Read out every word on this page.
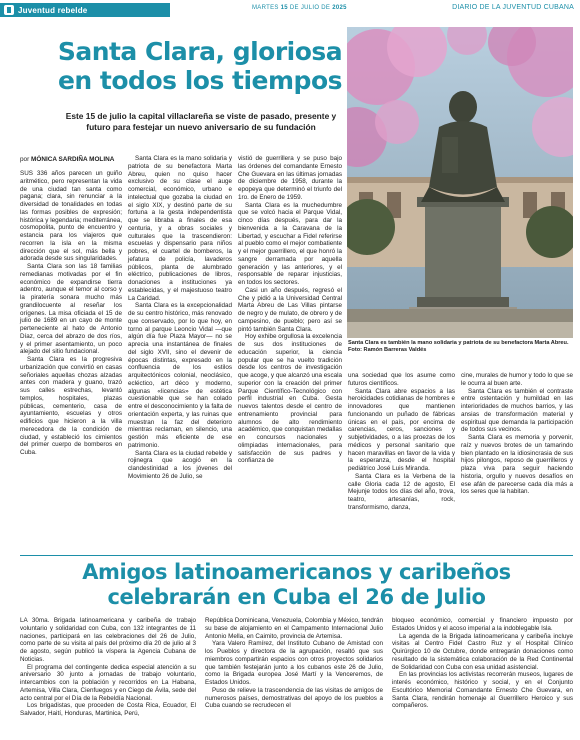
Juventud rebelde	MARTES 15 DE JULIO DE 2025	DIARIO DE LA JUVENTUD CUBANA
Santa Clara, gloriosa en todos los tiempos
Este 15 de julio la capital villaclareña se viste de pasado, presente y futuro para festejar un nuevo aniversario de su fundación
por MÓNICA SARDIÑA MOLINA

SUS 336 años parecen un guiño aritmético, pero representan la vida de una ciudad tan santa como pagana; clara, sin renunciar a la diversidad de tonalidades en todas las formas posibles de expresión; histórica y legendaria; mediterránea, cosmopolita, punto de encuentro y estancia para los viajeros que recorren la isla en la misma dirección que el sol, más bella y adorada desde sus singularidades.

Santa Clara son las 18 familias remedianas motivadas por el fin económico de expandirse tierra adentro, aunque el temor al corso y la piratería sonara mucho más grandilocuente al reseñar los orígenes. La misa oficiada el 15 de julio de 1689 en un cayo de monte perteneciente al hato de Antonio Díaz, cerca del abrazo de dos ríos, y el primer asentamiento, un poco alejado del sitio fundacional.

Santa Clara es la progresiva urbanización que convirtió en casas señoriales aquellas chozas alzadas antes con madera y guano, trazó sus calles estrechas, levantó templos, hospitales, plazas públicas, cementerio, casa de ayuntamiento, escuelas y otros edificios que hicieron a la villa merecedora de la condición de ciudad, y estableció los cimientos del primer cuerpo de bomberos en Cuba.

Santa Clara es la mano solidaria y patriota de su benefactora Marta Abreu, quien no quiso hacer exclusivo de su clase el auge comercial, económico, urbano e intelectual que gozaba la ciudad en el siglo XIX, y destinó parte de su fortuna a la gesta independentista que se libraba a finales de esa centuria, y a obras sociales y culturales que la trascendieron: escuelas y dispensario para niños pobres, el cuartel de bomberos, la jefatura de policía, lavaderos públicos, planta de alumbrado eléctrico, publicaciones de libros, donaciones a instituciones ya establecidas, y el majestuoso teatro La Caridad.

Santa Clara es la excepcionalidad de su centro histórico, más renovado que conservado, por lo que hoy, en torno al parque Leoncio Vidal —que algún día fue Plaza Mayor— no se aprecia una instantánea de finales del siglo XVII, sino el devenir de épocas distintas, expresado en la confluencia de los estilos arquitectónicos colonial, neoclásico, ecléctico, art déco y moderno, algunas «licencias» de estética cuestionable que se han colado entre el desconocimiento y la falta de orientación experta, y las ruinas que muestran la faz del deterioro mientras reclaman, en silencio, una gestión más eficiente de ese patrimonio.

Santa Clara es la ciudad rebelde y rojinegra que acogió en la clandestinidad a los jóvenes del Movimiento 26 de Julio, se

vistió de guerrillera y se puso bajo las órdenes del comandante Ernesto Che Guevara en las últimas jornadas de diciembre de 1958, durante la epopeya que determinó el triunfo del 1ro. de Enero de 1959.

Santa Clara es la muchedumbre que se volcó hacia el Parque Vidal, cinco días después, para dar la bienvenida a la Caravana de la Libertad, y escuchar a Fidel referirse al pueblo como el mejor combatiente y el mejor guerrillero, el que honró la sangre derramada por aquella generación y las anteriores, y el responsable de reparar injusticias, en todos los sectores.

Casi un año después, regresó el Che y pidió a la Universidad Central Marta Abreu de Las Villas pintarse de negro y de mulato, de obrero y de campesino, de pueblo; pero así se pintó también Santa Clara.

Hoy exhibe orgullosa la excelencia de sus dos instituciones de educación superior, la ciencia popular que se ha vuelto tradición desde los centros de investigación que acoge, y que alcanzó una escala superior con la creación del primer Parque Científico-Tecnológico con perfil industrial en Cuba. Gesta nuevos talentos desde el centro de entrenamiento provincial para alumnos de alto rendimiento académico, que conquistan medallas en concursos nacionales y olimpiadas internacionales, para satisfacción de sus padres y confianza de

una sociedad que los asume como futuros científicos.

Santa Clara abre espacios a las heroicidades cotidianas de hombres e innovadores que mantienen funcionando un puñado de fábricas únicas en el país, por encima de carencias, ceros, sanciones y subjetividades, o a las proezas de los médicos y personal sanitario que hacen maravillas en favor de la vida y la esperanza, desde el hospital pediátrico José Luis Miranda.

Santa Clara es la Verbena de la calle Gloria cada 12 de agosto, El Mejunje todos los días del año, trova, teatro, artesanías, rock, transformismo, danza,

cine, murales de humor y todo lo que se le ocurra al buen arte.

Santa Clara es también el contraste entre ostentación y humildad en las interioridades de muchos barrios, y las ansias de transformación material y espiritual que demanda la participación de todos sus vecinos.

Santa Clara es memoria y porvenir, raíz y nuevos brotes de un tamarindo bien plantado en la idiosincrasia de sus hijos pilongos, reposo de guerrilleros y plaza viva para seguir haciendo historia, orgullo y nuevos desafíos en ese afán de parecerse cada día más a los seres que la habitan.

Santa Clara es también la mano solidaria y patriota de su benefactora Marta Abreu. Foto: Ramón Barreras Valdés
Amigos latinoamericanos y caribeños celebrarán en Cuba el 26 de Julio

LA 30ma. Brigada latinoamericana y caribeña de trabajo voluntario y solidaridad con Cuba, con 132 integrantes de 11 naciones, participará en las celebraciones del 26 de Julio, como parte de su visita al país del próximo día 20 de julio al 3 de agosto, según publicó la víspera la Agencia Cubana de Noticias.

El programa del contingente dedica especial atención a su aniversario 30 junto a jornadas de trabajo voluntario, intercambios con la población y recorridos en La Habana, Artemisa, Villa Clara, Cienfuegos y en Ciego de Ávila, sede del acto central por el Día de la Rebeldía Nacional.

Los brigadistas, que proceden de Costa Rica, Ecuador, El Salvador, Haití, Honduras, Martinica, Perú,

República Dominicana, Venezuela, Colombia y México, tendrán su base de alojamiento en el Campamento Internacional Julio Antonio Mella, en Caimito, provincia de Artemisa.

Yara Valero Ramírez, del Instituto Cubano de Amistad con los Pueblos y directora de la agrupación, resaltó que sus miembros compartirán espacios con otros proyectos solidarios que también festejarán junto a los cubanos este 26 de Julio, como la Brigada europea José Martí y la Venceremos, de Estados Unidos.

Puso de relieve la trascendencia de las visitas de amigos de numerosos países, demostrativas del apoyo de los pueblos a Cuba cuando se recrudecen el

bloqueo económico, comercial y financiero impuesto por Estados Unidos y el acoso imperial a la indoblegable Isla.

La agenda de la Brigada latinoamericana y caribeña incluye visitas al Centro Fidel Castro Ruz y el Hospital Clínico Quirúrgico 10 de Octubre, donde entregarán donaciones como resultado de la sistemática colaboración de la Red Continental de Solidaridad con Cuba con esa unidad asistencial.

En las provincias los activistas recorrerán museos, lugares de interés económico, histórico y social, y en el Conjunto Escultórico Memorial Comandante Ernesto Che Guevara, en Santa Clara, rendirán homenaje al Guerrillero Heroico y sus compañeros.
